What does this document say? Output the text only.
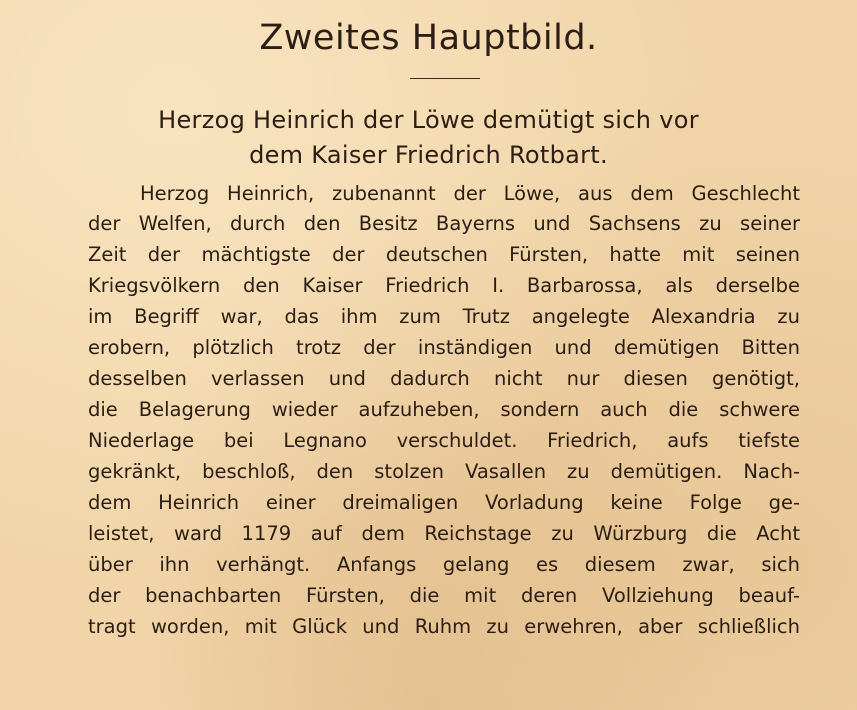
Zweites Hauptbild.
Herzog Heinrich der Löwe demütigt sich vor
dem Kaiser Friedrich Rotbart.
Herzog Heinrich, zubenannt der Löwe, aus dem Geschlecht
der Welfen, durch den Besitz Bayerns und Sachsens zu seiner
Zeit der mächtigste der deutschen Fürsten, hatte mit seinen
Kriegsvölkern den Kaiser Friedrich I. Barbarossa, als derselbe
im Begriff war, das ihm zum Trutz angelegte Alexandria zu
erobern, plötzlich trotz der inständigen und demütigen Bitten
desselben verlassen und dadurch nicht nur diesen genötigt,
die Belagerung wieder aufzuheben, sondern auch die schwere
Niederlage bei Legnano verschuldet. Friedrich, aufs tiefste
gekränkt, beschloß, den stolzen Vasallen zu demütigen. Nach-
dem Heinrich einer dreimaligen Vorladung keine Folge ge-
leistet, ward 1179 auf dem Reichstage zu Würzburg die Acht
über ihn verhängt. Anfangs gelang es diesem zwar, sich
der benachbarten Fürsten, die mit deren Vollziehung beauf-
tragt worden, mit Glück und Ruhm zu erwehren, aber schließlich
